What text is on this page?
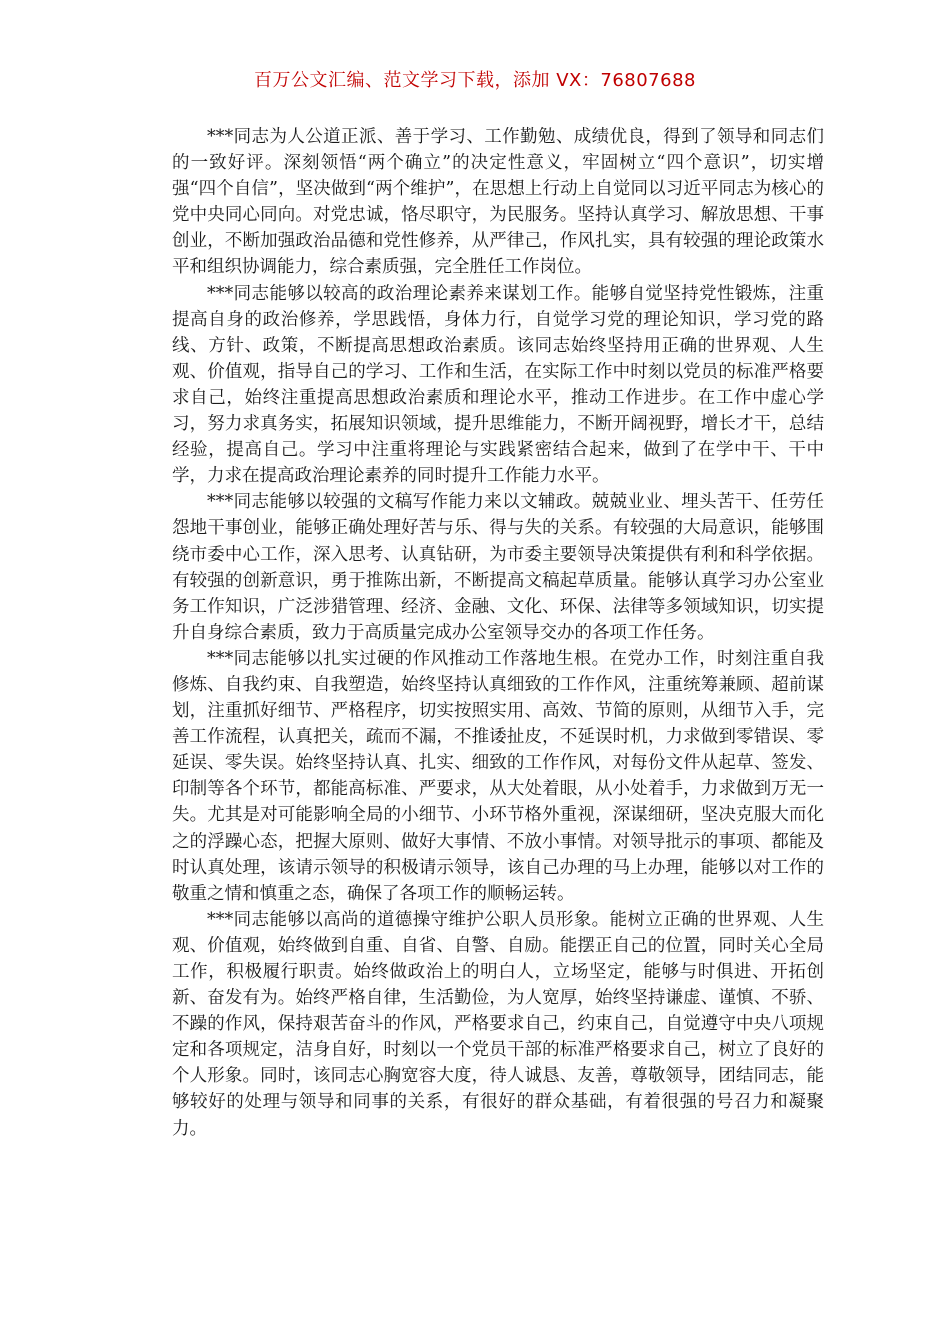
百万公文汇编、范文学习下载，添加 VX：76807688

***同志为人公道正派、善于学习、工作勤勉、成绩优良，得到了领导和同志们的一致好评。深刻领悟“两个确立”的决定性意义，牢固树立“四个意识”，切实增强“四个自信”，坚决做到“两个维护”，在思想上行动上自觉同以习近平同志为核心的党中央同心同向。对党忠诚，恪尽职守，为民服务。坚持认真学习、解放思想、干事创业，不断加强政治品德和党性修养，从严律己，作风扎实，具有较强的理论政策水平和组织协调能力，综合素质强，完全胜任工作岗位。

***同志能够以较高的政治理论素养来谋划工作。能够自觉坚持党性锻炼，注重提高自身的政治修养，学思践悟，身体力行，自觉学习党的理论知识，学习党的路线、方针、政策，不断提高思想政治素质。该同志始终坚持用正确的世界观、人生观、价值观，指导自己的学习、工作和生活，在实际工作中时刻以党员的标准严格要求自己，始终注重提高思想政治素质和理论水平，推动工作进步。在工作中虚心学习，努力求真务实，拓展知识领域，提升思维能力，不断开阔视野，增长才干，总结经验，提高自己。学习中注重将理论与实践紧密结合起来，做到了在学中干、干中学，力求在提高政治理论素养的同时提升工作能力水平。

***同志能够以较强的文稿写作能力来以文辅政。兢兢业业、埋头苦干、任劳任怨地干事创业，能够正确处理好苦与乐、得与失的关系。有较强的大局意识，能够围绕市委中心工作，深入思考、认真钻研，为市委主要领导决策提供有利和科学依据。有较强的创新意识，勇于推陈出新，不断提高文稿起草质量。能够认真学习办公室业务工作知识，广泛涉猎管理、经济、金融、文化、环保、法律等多领域知识，切实提升自身综合素质，致力于高质量完成办公室领导交办的各项工作任务。

***同志能够以扎实过硬的作风推动工作落地生根。在党办工作，时刻注重自我修炼、自我约束、自我塑造，始终坚持认真细致的工作作风，注重统筹兼顾、超前谋划，注重抓好细节、严格程序，切实按照实用、高效、节简的原则，从细节入手，完善工作流程，认真把关，疏而不漏，不推诿扯皮，不延误时机，力求做到零错误、零延误、零失误。始终坚持认真、扎实、细致的工作作风，对每份文件从起草、签发、印制等各个环节，都能高标准、严要求，从大处着眼，从小处着手，力求做到万无一失。尤其是对可能影响全局的小细节、小环节格外重视，深谋细研，坚决克服大而化之的浮躁心态，把握大原则、做好大事情、不放小事情。对领导批示的事项、都能及时认真处理，该请示领导的积极请示领导，该自己办理的马上办理，能够以对工作的敬重之情和慎重之态，确保了各项工作的顺畅运转。

***同志能够以高尚的道德操守维护公职人员形象。能树立正确的世界观、人生观、价值观，始终做到自重、自省、自警、自励。能摆正自己的位置，同时关心全局工作，积极履行职责。始终做政治上的明白人，立场坚定，能够与时俱进、开拓创新、奋发有为。始终严格自律，生活勤俭，为人宽厚，始终坚持谦虚、谨慎、不骄、不躁的作风，保持艰苦奋斗的作风，严格要求自己，约束自己，自觉遵守中央八项规定和各项规定，洁身自好，时刻以一个党员干部的标准严格要求自己，树立了良好的个人形象。同时，该同志心胸宽容大度，待人诚恳、友善，尊敬领导，团结同志，能够较好的处理与领导和同事的关系，有很好的群众基础，有着很强的号召力和凝聚力。
